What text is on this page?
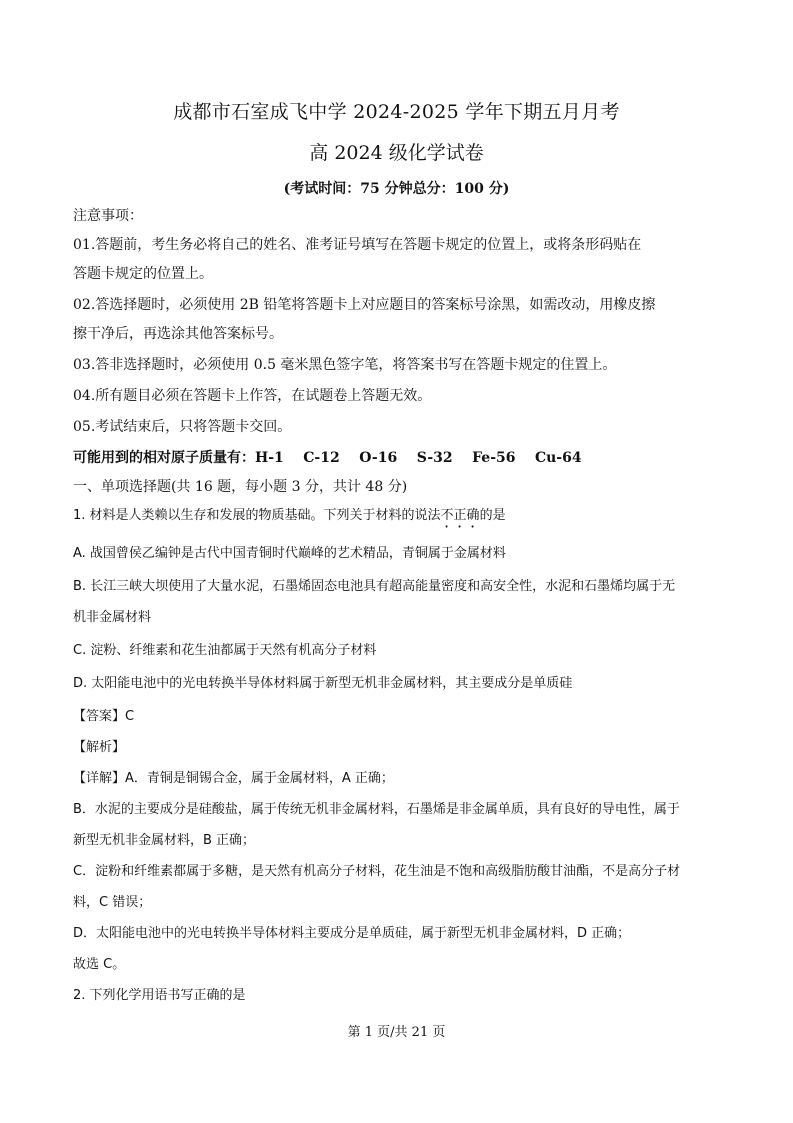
成都市石室成飞中学 2024-2025 学年下期五月月考
高 2024 级化学试卷
(考试时间：75 分钟总分：100 分)
注意事项：
01.答题前，考生务必将自己的姓名、准考证号填写在答题卡规定的位置上，或将条形码贴在
答题卡规定的位置上。
02.答选择题时，必须使用 2B 铅笔将答题卡上对应题目的答案标号涂黑，如需改动，用橡皮擦
擦干净后，再选涂其他答案标号。
03.答非选择题时，必须使用 0.5 毫米黑色签字笔，将答案书写在答题卡规定的住置上。
04.所有题目必须在答题卡上作答，在试题卷上答题无效。
05.考试结束后，只将答题卡交回。
可能用到的相对原子质量有：H-1    C-12    O-16    S-32    Fe-56    Cu-64
一、单项选择题(共 16 题，每小题 3 分，共计 48 分)
1. 材料是人类赖以生存和发展的物质基础。下列关于材料的说法不正确的是
A. 战国曾侯乙编钟是古代中国青铜时代巅峰的艺术精品，青铜属于金属材料
B. 长江三峡大坝使用了大量水泥，石墨烯固态电池具有超高能量密度和高安全性，水泥和石墨烯均属于无
机非金属材料
C. 淀粉、纤维素和花生油都属于天然有机高分子材料
D. 太阳能电池中的光电转换半导体材料属于新型无机非金属材料，其主要成分是单质硅
【答案】C
【解析】
【详解】A．青铜是铜锡合金，属于金属材料，A 正确；
B．水泥的主要成分是硅酸盐，属于传统无机非金属材料，石墨烯是非金属单质，具有良好的导电性，属于
新型无机非金属材料，B 正确；
C．淀粉和纤维素都属于多糖，是天然有机高分子材料，花生油是不饱和高级脂肪酸甘油酯，不是高分子材
料，C 错误；
D．太阳能电池中的光电转换半导体材料主要成分是单质硅，属于新型无机非金属材料，D 正确；
故选 C。
2. 下列化学用语书写正确的是
第 1 页/共 21 页
